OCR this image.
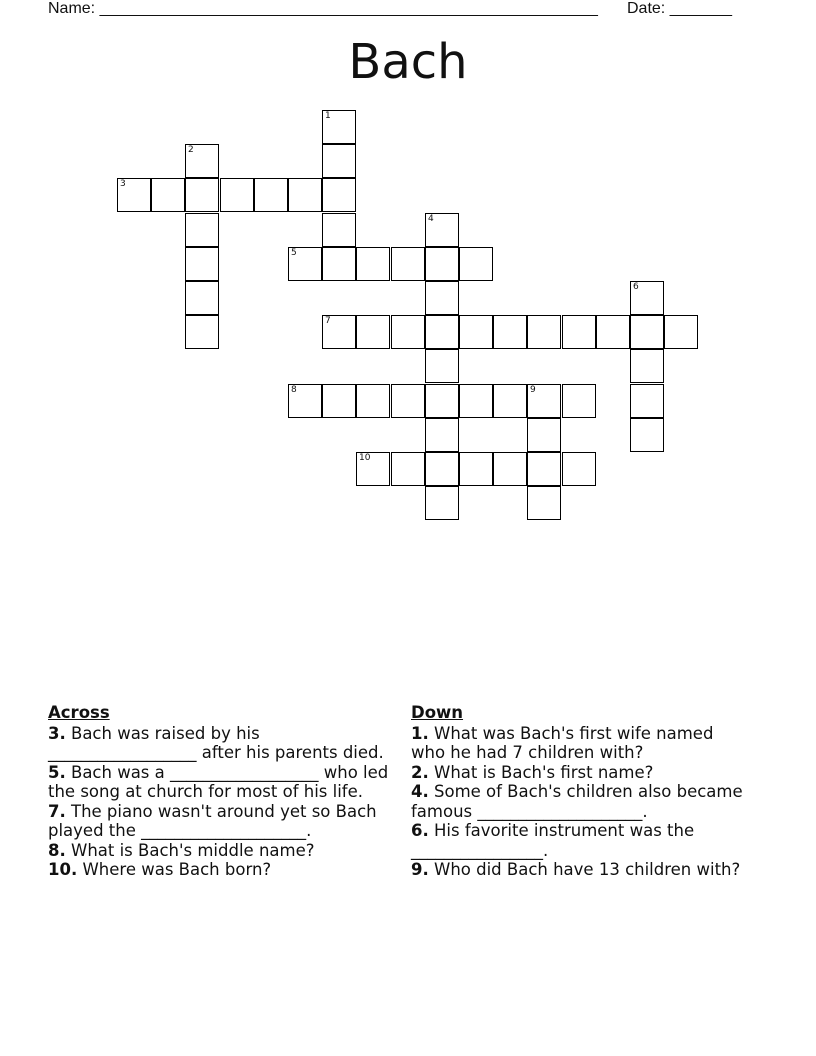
Name: ________________________________________________________ Date: _______
Bach
1
2
3
4
5
6
7
8	9
10
Across
3. Bach was raised by his __________________ after his parents died.
5. Bach was a __________________ who led the song at church for most of his life.
7. The piano wasn't around yet so Bach played the ____________________.
8. What is Bach's middle name?
10. Where was Bach born?
Down
1. What was Bach's first wife named who he had 7 children with?
2. What is Bach's first name?
4. Some of Bach's children also became famous ____________________.
6. His favorite instrument was the ________________.
9. Who did Bach have 13 children with?
